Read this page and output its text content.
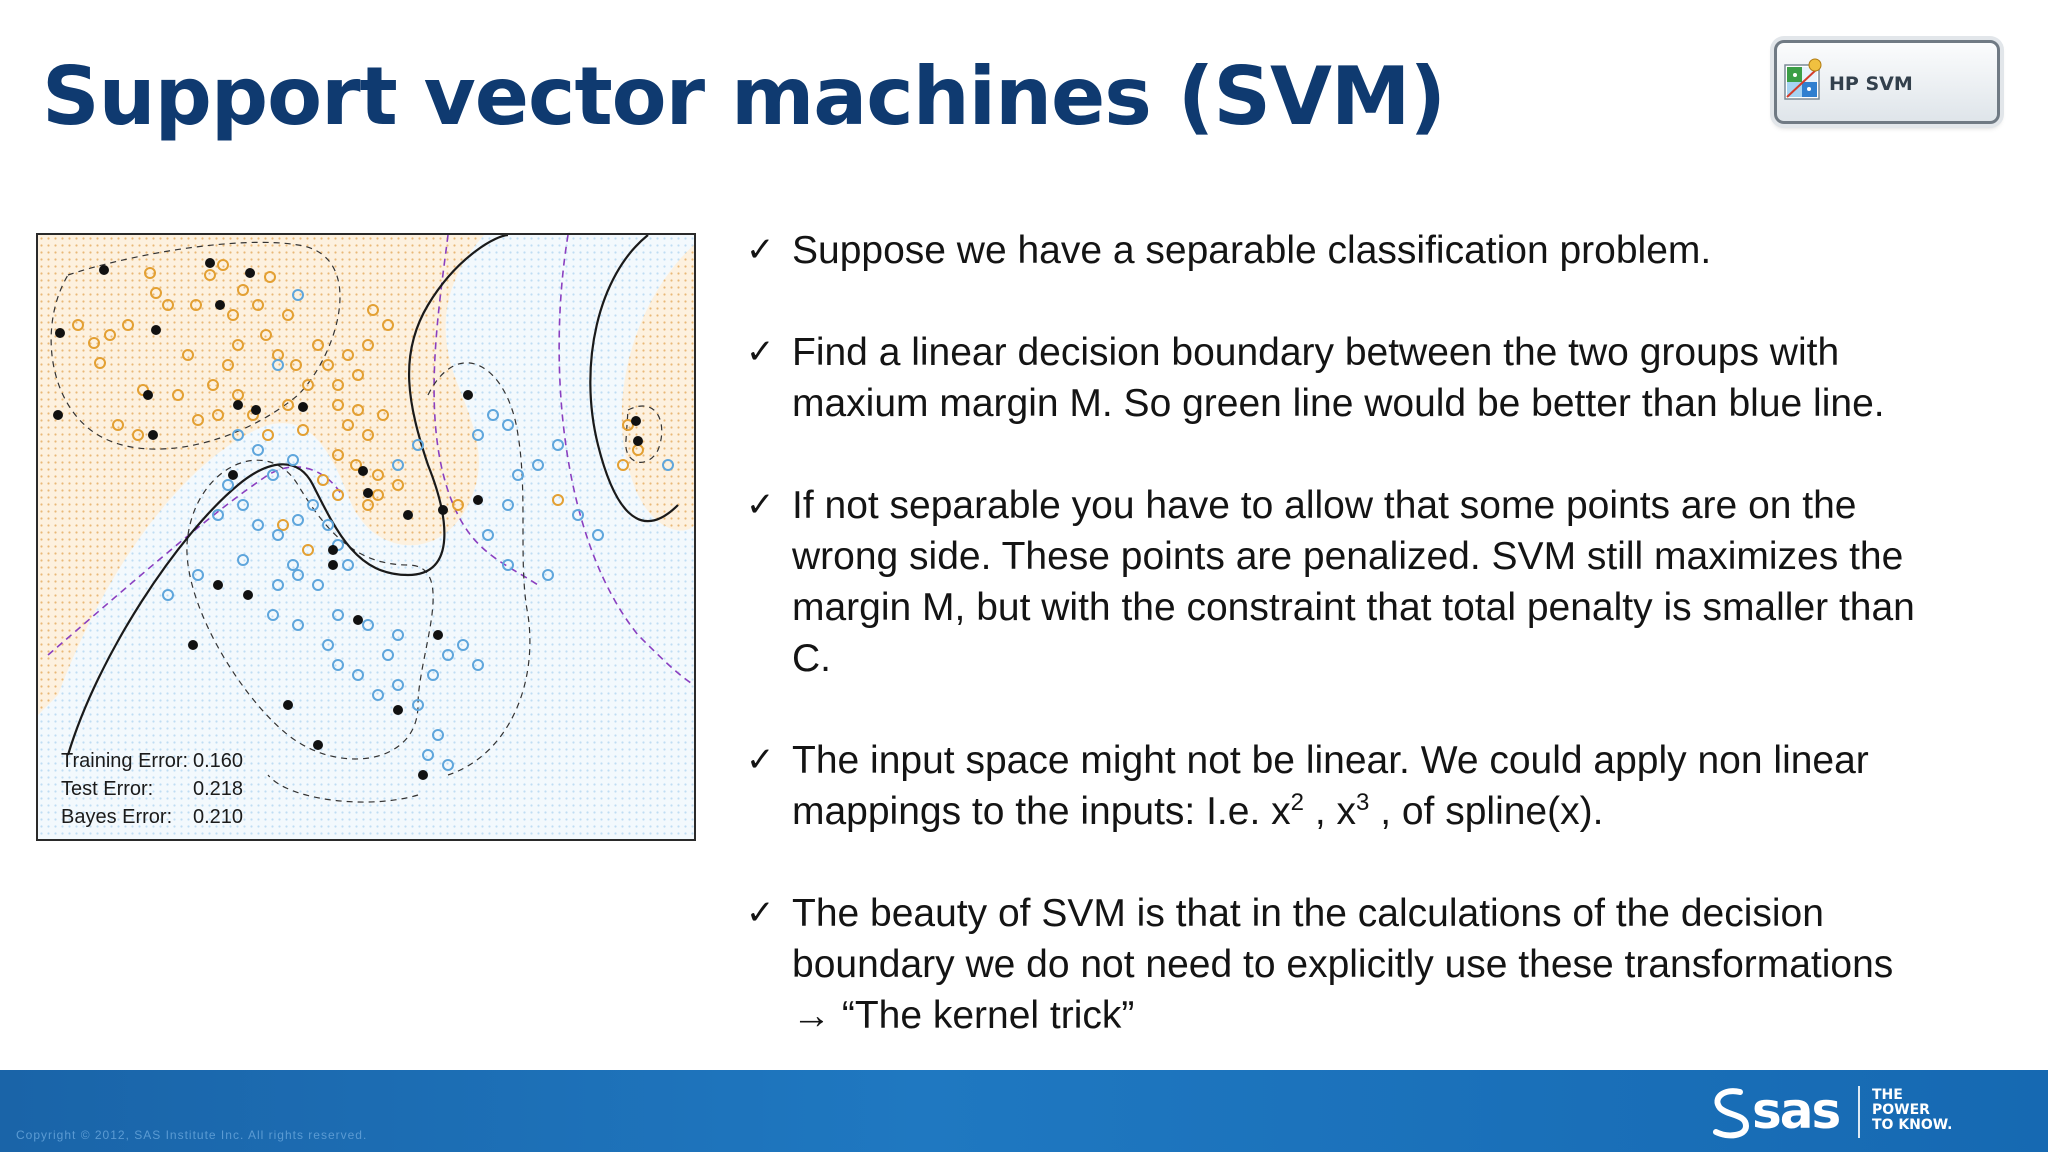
Support vector machines (SVM)	HP SVM
Training Error: 0.160
Test Error: 0.218
Bayes Error: 0.210
✓ Suppose we have a separable classification problem.
✓ Find a linear decision boundary between the two groups with
maxium margin M. So green line would be better than blue line.
✓ If not separable you have to allow that some points are on the
wrong side. These points are penalized. SVM still maximizes the
margin M, but with the constraint that total penalty is smaller than
C.
✓ The input space might not be linear. We could apply non linear
mappings to the inputs: I.e. $x^2$ , $x^3$ , of spline(x).
✓ The beauty of SVM is that in the calculations of the decision
boundary we do not need to explicitly use these transformations
→ “The kernel trick”
Copyright © 2012, SAS Institute Inc. All rights reserved.	sas THE
POWER
TO KNOW.
